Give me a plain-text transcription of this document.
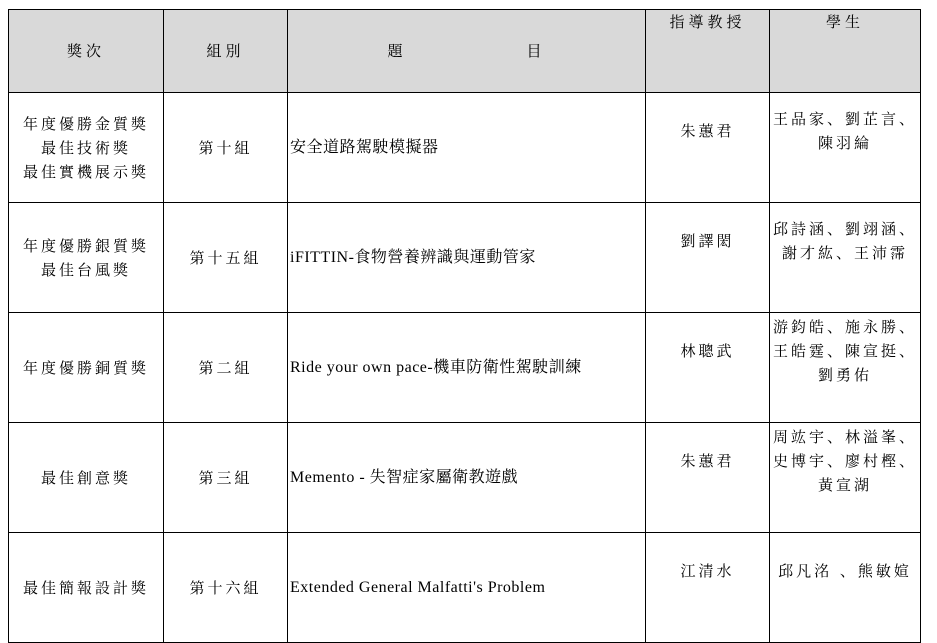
獎次	組別	題 目	指導教授	學生

年度優勝金質獎
最佳技術獎
最佳實機展示獎	第十組	安全道路駕駛模擬器	朱蕙君	王品家、劉芷言、
陳羽綸

年度優勝銀質獎
最佳台風獎	第十五組	iFITTIN-食物營養辨識與運動管家	劉譯閎	邱詩涵、劉翊涵、
謝才紘、王沛霈

年度優勝銅質獎	第二組	Ride your own pace-機車防衛性駕駛訓練	林聰武	游鈞皓、施永勝、
王皓霆、陳宣挺、
劉勇佑

最佳創意獎	第三組	Memento - 失智症家屬衛教遊戲	朱蕙君	周竑宇、林溢峯、
史博宇、廖村樫、
黃宣湖

最佳簡報設計獎	第十六組	Extended General Malfatti's Problem	江清水	邱凡洺 、熊敏媗
